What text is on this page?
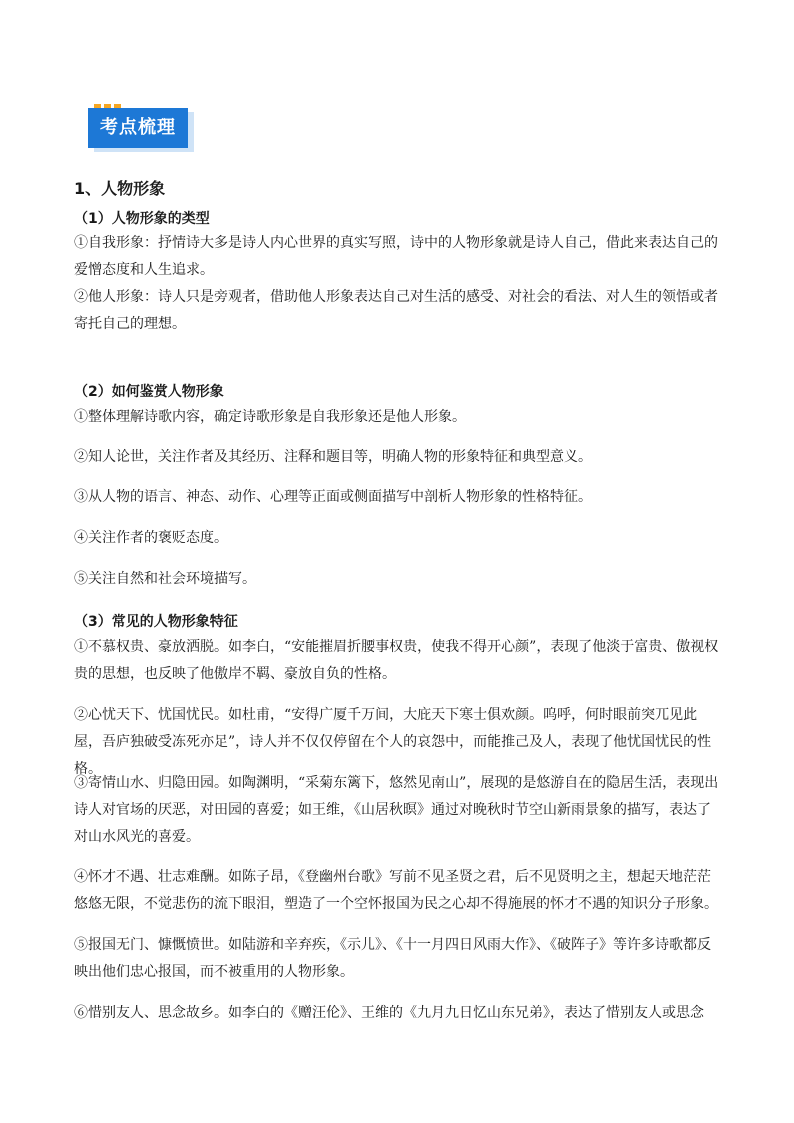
考点梳理
1、人物形象
（1）人物形象的类型
①自我形象：抒情诗大多是诗人内心世界的真实写照，诗中的人物形象就是诗人自己，借此来表达自己的爱憎态度和人生追求。
②他人形象：诗人只是旁观者，借助他人形象表达自己对生活的感受、对社会的看法、对人生的领悟或者寄托自己的理想。
（2）如何鉴赏人物形象
①整体理解诗歌内容，确定诗歌形象是自我形象还是他人形象。
②知人论世，关注作者及其经历、注释和题目等，明确人物的形象特征和典型意义。
③从人物的语言、神态、动作、心理等正面或侧面描写中剖析人物形象的性格特征。
④关注作者的褒贬态度。
⑤关注自然和社会环境描写。
（3）常见的人物形象特征
①不慕权贵、豪放洒脱。如李白，“安能摧眉折腰事权贵，使我不得开心颜”，表现了他淡于富贵、傲视权贵的思想，也反映了他傲岸不羁、豪放自负的性格。
②心忧天下、忧国忧民。如杜甫，“安得广厦千万间，大庇天下寒士俱欢颜。呜呼，何时眼前突兀见此屋，吾庐独破受冻死亦足”，诗人并不仅仅停留在个人的哀怨中，而能推己及人，表现了他忧国忧民的性格。
③寄情山水、归隐田园。如陶渊明，“采菊东篱下，悠然见南山”，展现的是悠游自在的隐居生活，表现出诗人对官场的厌恶，对田园的喜爱；如王维，《山居秋暝》通过对晚秋时节空山新雨景象的描写，表达了对山水风光的喜爱。
④怀才不遇、壮志难酬。如陈子昂，《登幽州台歌》写前不见圣贤之君，后不见贤明之主，想起天地茫茫悠悠无限，不觉悲伤的流下眼泪，塑造了一个空怀报国为民之心却不得施展的怀才不遇的知识分子形象。
⑤报国无门、慷慨愤世。如陆游和辛弃疾，《示儿》、《十一月四日风雨大作》、《破阵子》等许多诗歌都反映出他们忠心报国，而不被重用的人物形象。
⑥惜别友人、思念故乡。如李白的《赠汪伦》、王维的《九月九日忆山东兄弟》，表达了惜别友人或思念
